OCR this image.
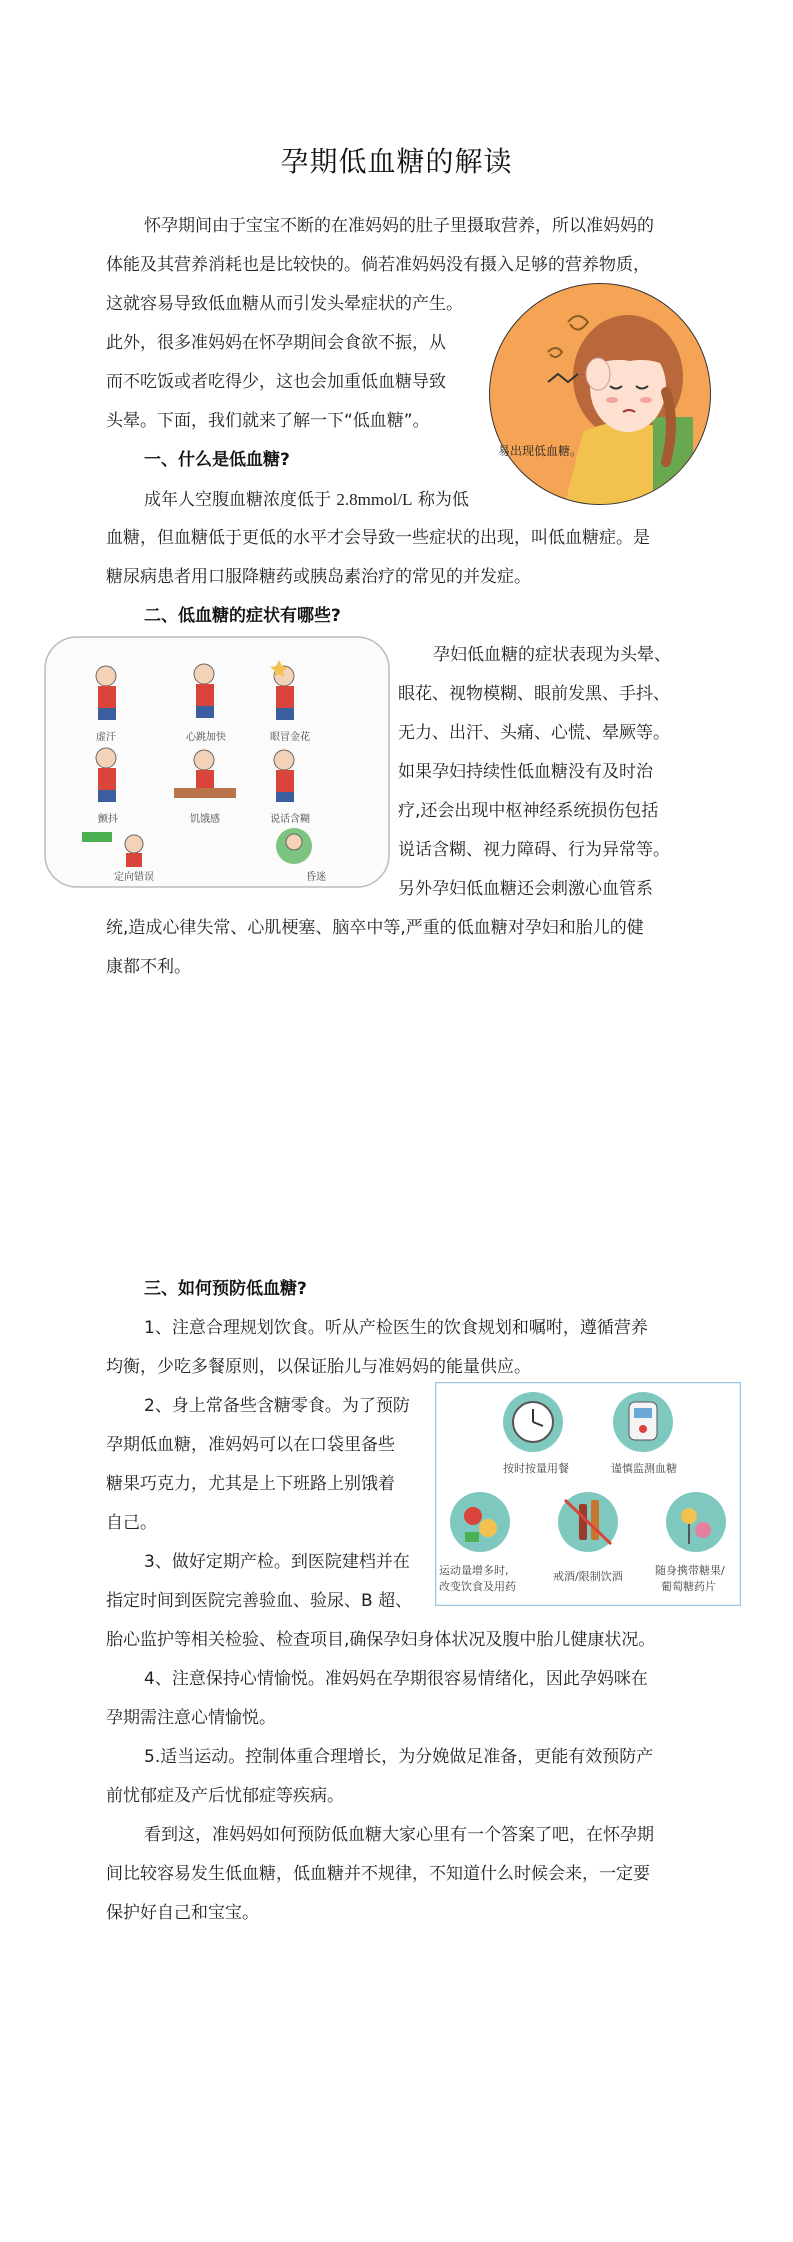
孕期低血糖的解读
怀孕期间由于宝宝不断的在准妈妈的肚子里摄取营养，所以准妈妈的
体能及其营养消耗也是比较快的。倘若准妈妈没有摄入足够的营养物质，
这就容易导致低血糖从而引发头晕症状的产生。
此外，很多准妈妈在怀孕期间会食欲不振，从
而不吃饭或者吃得少，这也会加重低血糖导致
头晕。下面，我们就来了解一下“低血糖”。
易出现低血糖。
一、什么是低血糖?
成年人空腹血糖浓度低于 2.8mmol/L 称为低
血糖，但血糖低于更低的水平才会导致一些症状的出现，叫低血糖症。是
糖尿病患者用口服降糖药或胰岛素治疗的常见的并发症。
二、低血糖的症状有哪些?
虚汗	心跳加快	眼冒金花
颤抖	饥饿感	说话含糊
定向错误	昏迷
孕妇低血糖的症状表现为头晕、
眼花、视物模糊、眼前发黑、手抖、
无力、出汗、头痛、心慌、晕厥等。
如果孕妇持续性低血糖没有及时治
疗,还会出现中枢神经系统损伤包括
说话含糊、视力障碍、行为异常等。
另外孕妇低血糖还会刺激心血管系
统,造成心律失常、心肌梗塞、脑卒中等,严重的低血糖对孕妇和胎儿的健
康都不利。
三、如何预防低血糖?
1、注意合理规划饮食。听从产检医生的饮食规划和嘱咐，遵循营养
均衡，少吃多餐原则，以保证胎儿与准妈妈的能量供应。
2、身上常备些含糖零食。为了预防
孕期低血糖，准妈妈可以在口袋里备些
糖果巧克力，尤其是上下班路上别饿着
自己。
按时按量用餐	谨慎监测血糖
运动量增多时,
改变饮食及用药
戒酒/限制饮酒	随身携带糖果/
葡萄糖药片
3、做好定期产检。到医院建档并在
指定时间到医院完善验血、验尿、B 超、
胎心监护等相关检验、检查项目,确保孕妇身体状况及腹中胎儿健康状况。
4、注意保持心情愉悦。准妈妈在孕期很容易情绪化，因此孕妈咪在
孕期需注意心情愉悦。
5.适当运动。控制体重合理增长，为分娩做足准备，更能有效预防产
前忧郁症及产后忧郁症等疾病。
看到这，准妈妈如何预防低血糖大家心里有一个答案了吧，在怀孕期
间比较容易发生低血糖，低血糖并不规律，不知道什么时候会来，一定要
保护好自己和宝宝。
